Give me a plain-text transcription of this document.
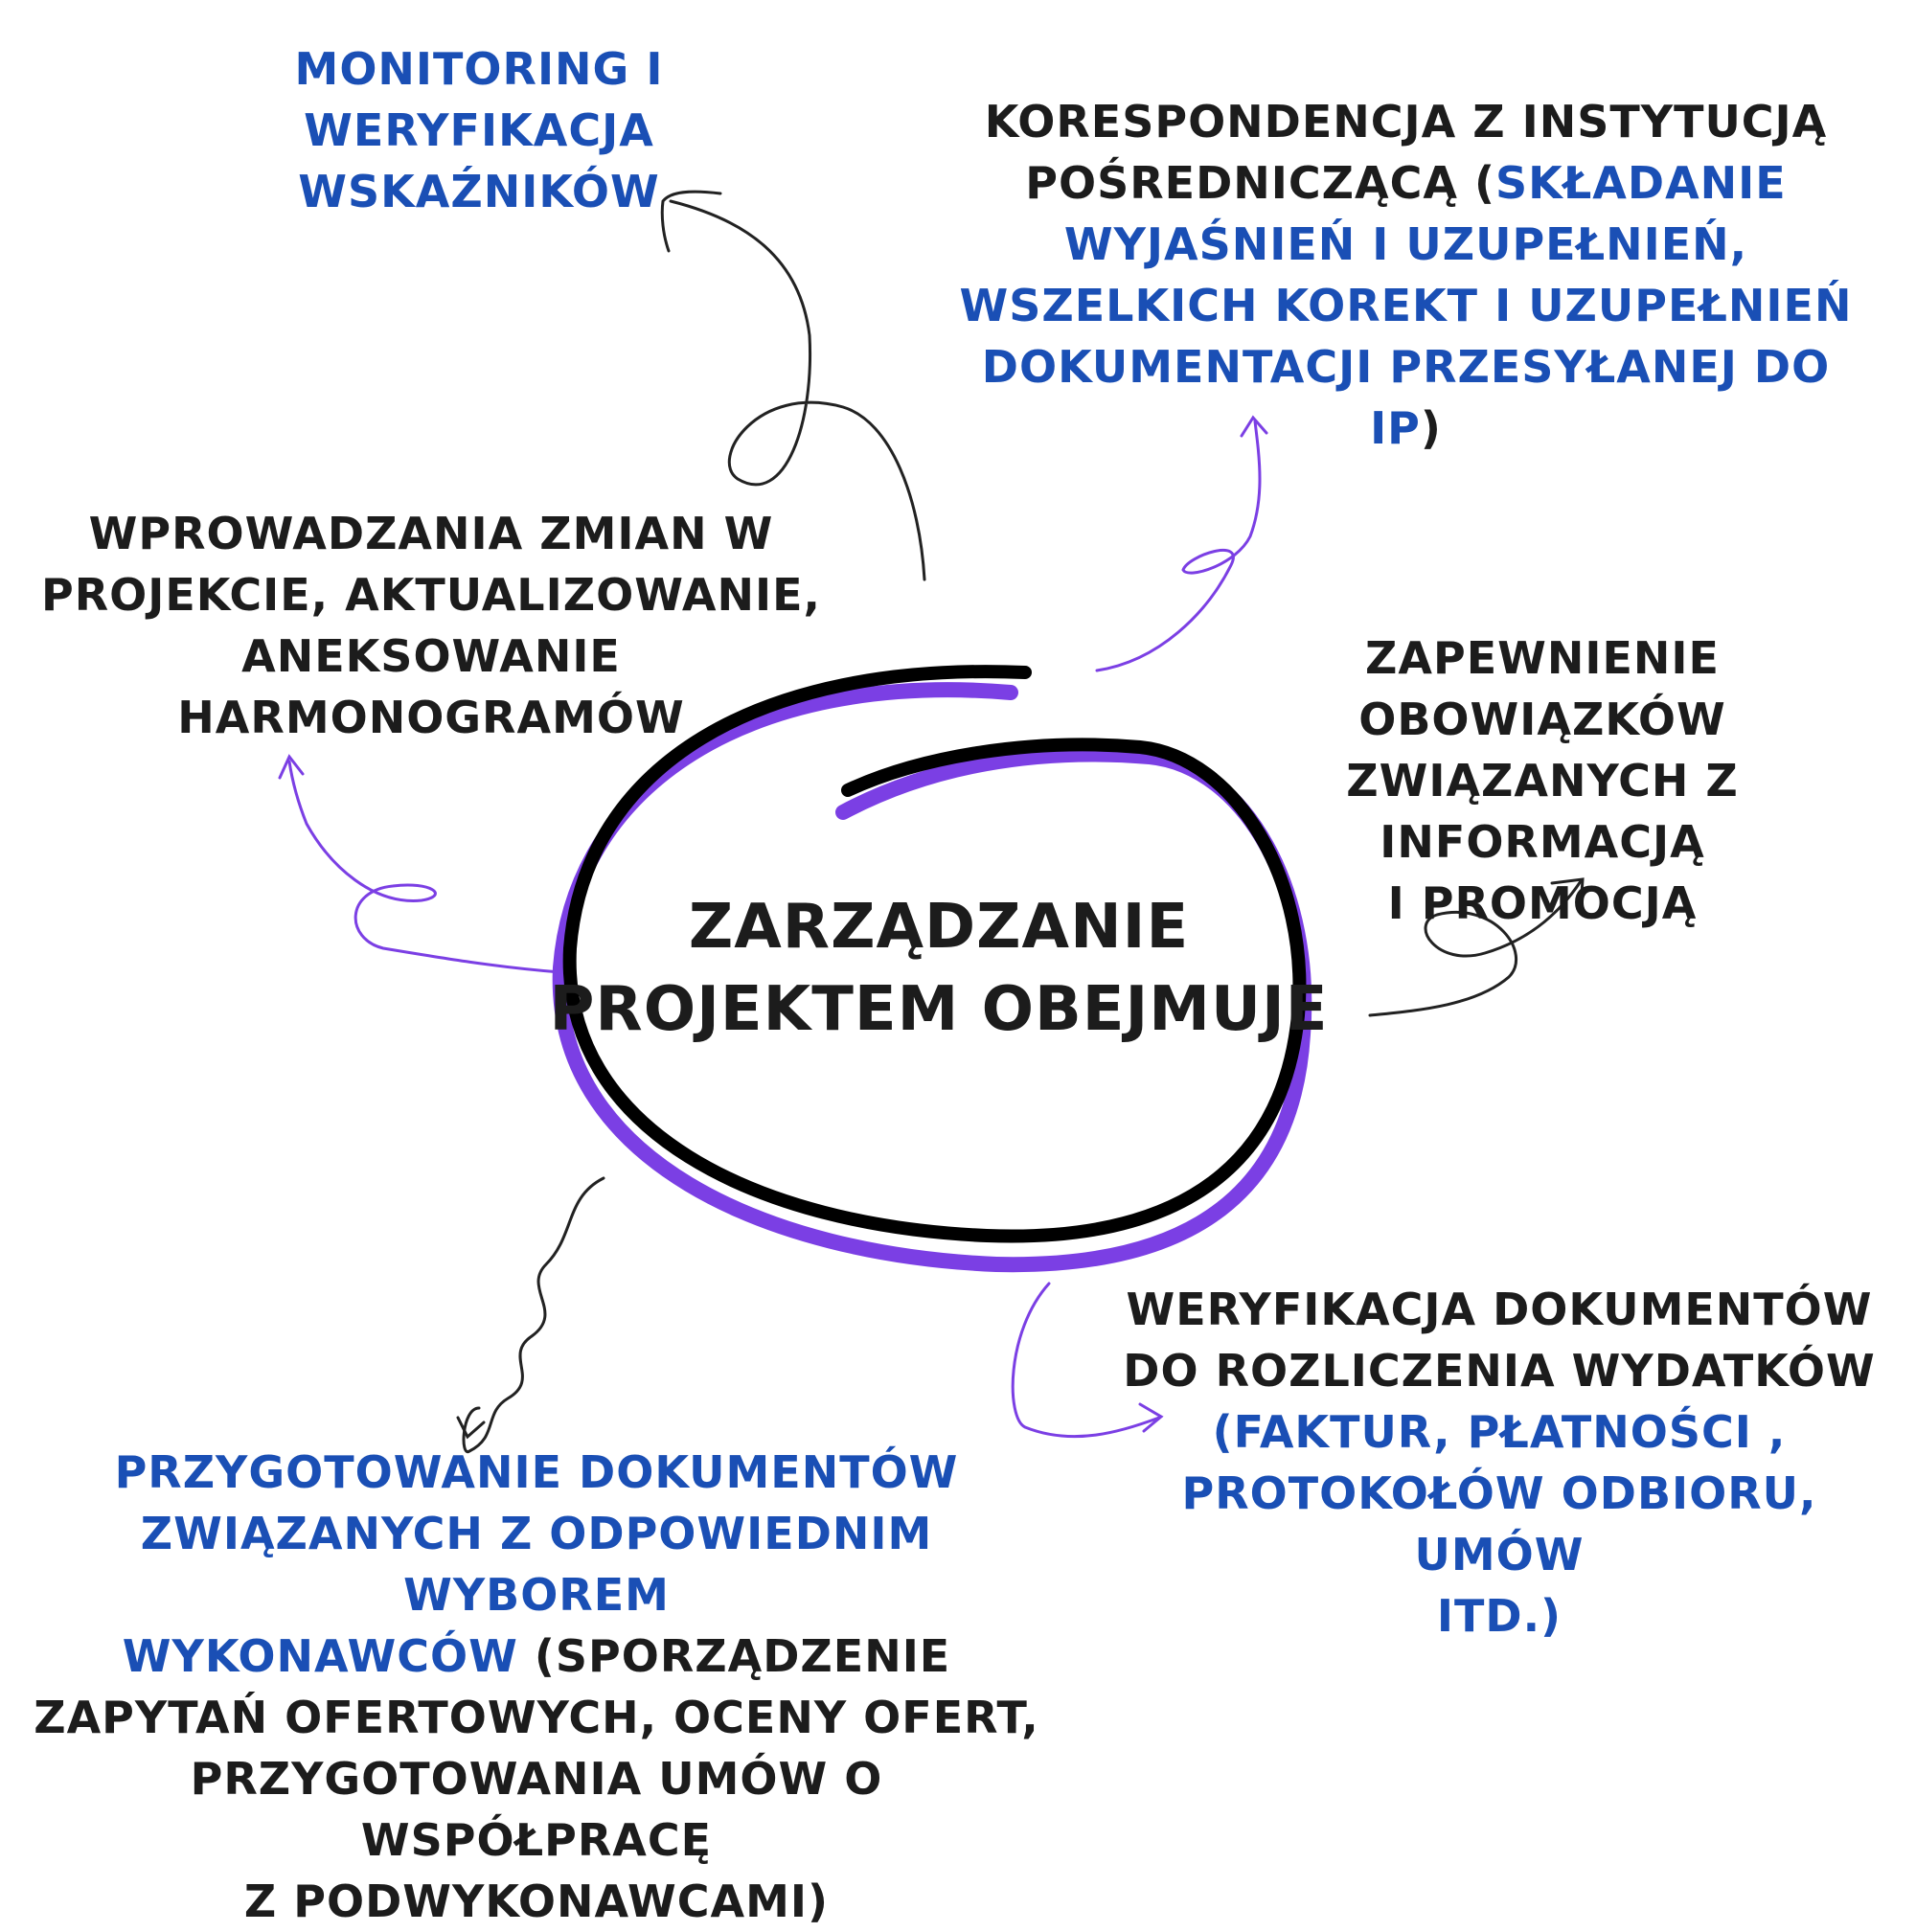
ZARZĄDZANIE
PROJEKTEM OBEJMUJE
MONITORING I WERYFIKACJA
WSKAŹNIKÓW
KORESPONDENCJA Z INSTYTUCJĄ
POŚREDNICZĄCĄ (SKŁADANIE
WYJAŚNIEŃ I UZUPEŁNIEŃ,
WSZELKICH KOREKT I UZUPEŁNIEŃ
DOKUMENTACJI PRZESYŁANEJ DO IP)
WPROWADZANIA ZMIAN W
PROJEKCIE, AKTUALIZOWANIE,
ANEKSOWANIE HARMONOGRAMÓW
ZAPEWNIENIE OBOWIĄZKÓW
ZWIĄZANYCH Z INFORMACJĄ
I PROMOCJĄ
WERYFIKACJA DOKUMENTÓW
DO ROZLICZENIA WYDATKÓW
(FAKTUR, PŁATNOŚCI ,
PROTOKOŁÓW ODBIORU, UMÓW
ITD.)
PRZYGOTOWANIE DOKUMENTÓW
ZWIĄZANYCH Z ODPOWIEDNIM WYBOREM
WYKONAWCÓW (SPORZĄDZENIE
ZAPYTAŃ OFERTOWYCH, OCENY OFERT,
PRZYGOTOWANIA UMÓW O WSPÓŁPRACĘ
Z PODWYKONAWCAMI)
